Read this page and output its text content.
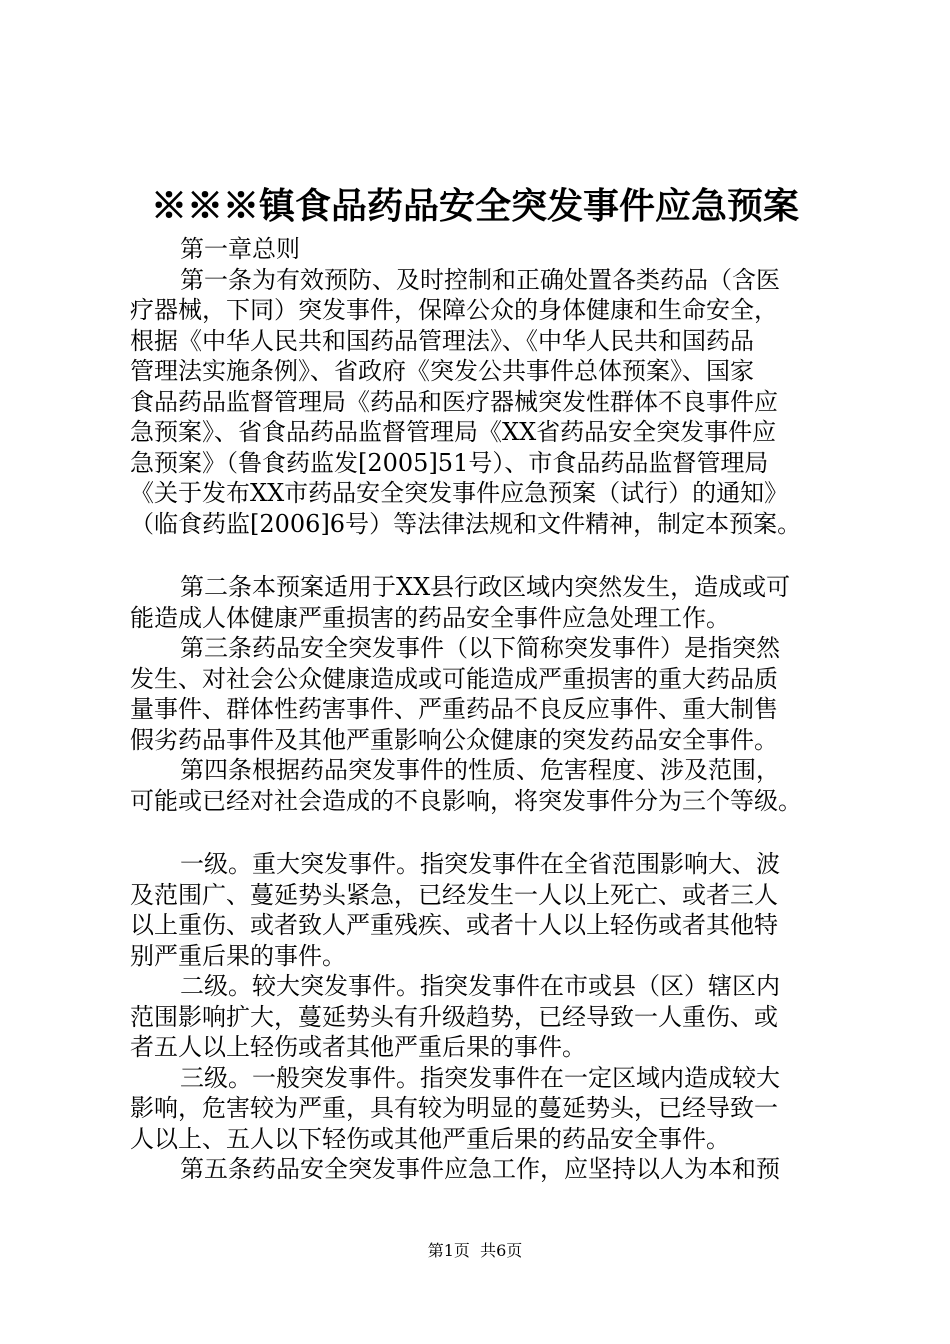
※※※镇食品药品安全突发事件应急预案
第一章总则
第一条为有效预防、及时控制和正确处置各类药品（含医
疗器械，下同）突发事件，保障公众的身体健康和生命安全，
根据《中华人民共和国药品管理法》、《中华人民共和国药品
管理法实施条例》、省政府《突发公共事件总体预案》、国家
食品药品监督管理局《药品和医疗器械突发性群体不良事件应
急预案》、省食品药品监督管理局《XX省药品安全突发事件应
急预案》（鲁食药监发[2005]51号）、市食品药品监督管理局
《关于发布XX市药品安全突发事件应急预案（试行）的通知》
（临食药监[2006]6号）等法律法规和文件精神，制定本预案。
第二条本预案适用于XX县行政区域内突然发生，造成或可
能造成人体健康严重损害的药品安全事件应急处理工作。
第三条药品安全突发事件（以下简称突发事件）是指突然
发生、对社会公众健康造成或可能造成严重损害的重大药品质
量事件、群体性药害事件、严重药品不良反应事件、重大制售
假劣药品事件及其他严重影响公众健康的突发药品安全事件。
第四条根据药品突发事件的性质、危害程度、涉及范围，
可能或已经对社会造成的不良影响，将突发事件分为三个等级。
一级。重大突发事件。指突发事件在全省范围影响大、波
及范围广、蔓延势头紧急，已经发生一人以上死亡、或者三人
以上重伤、或者致人严重残疾、或者十人以上轻伤或者其他特
别严重后果的事件。
二级。较大突发事件。指突发事件在市或县（区）辖区内
范围影响扩大，蔓延势头有升级趋势，已经导致一人重伤、或
者五人以上轻伤或者其他严重后果的事件。
三级。一般突发事件。指突发事件在一定区域内造成较大
影响，危害较为严重，具有较为明显的蔓延势头，已经导致一
人以上、五人以下轻伤或其他严重后果的药品安全事件。
第五条药品安全突发事件应急工作，应坚持以人为本和预
第1页  共6页
